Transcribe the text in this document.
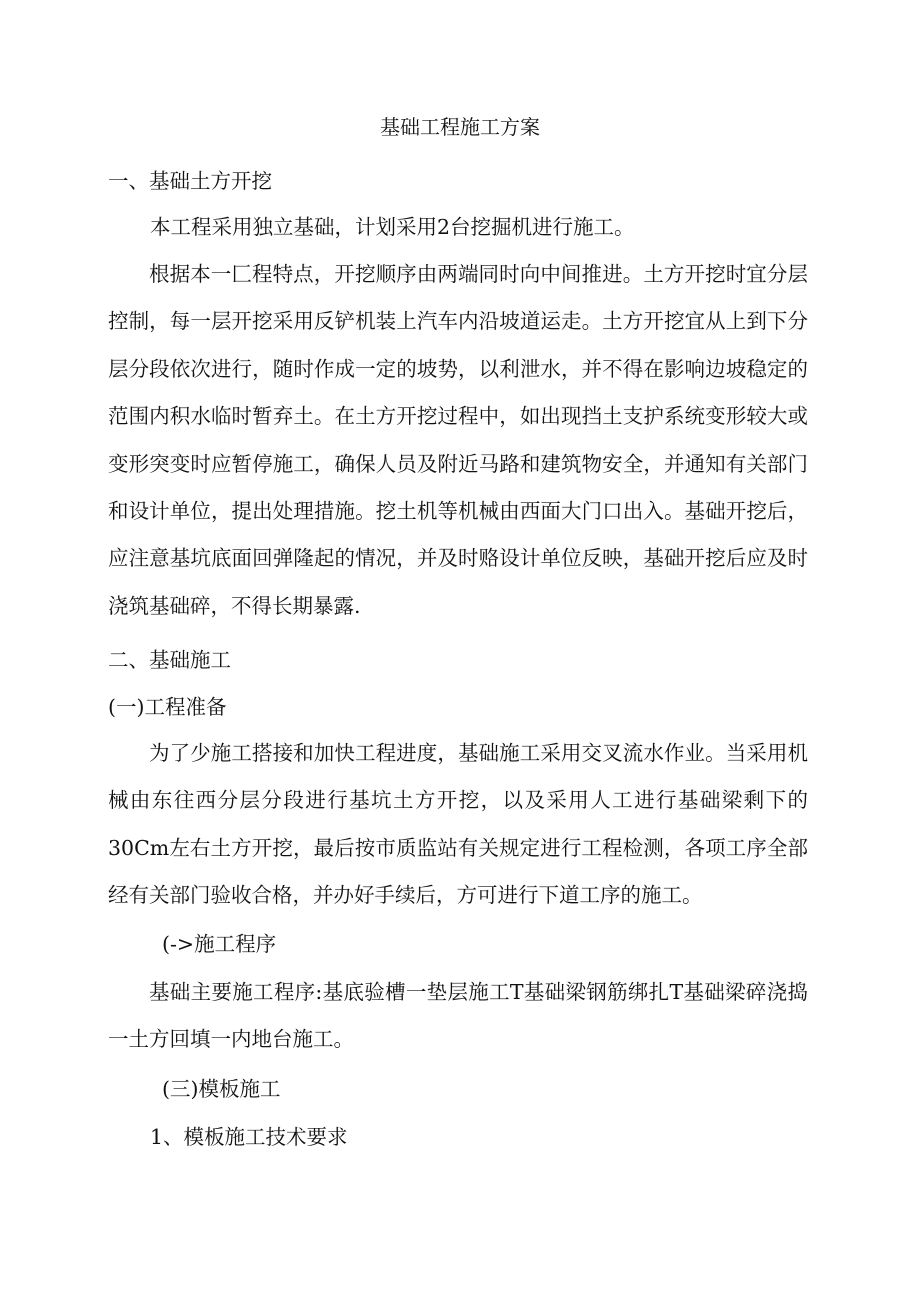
基础工程施工方案
一、基础土方开挖
本工程采用独立基础，计划采用2台挖掘机进行施工。
根据本一匚程特点，开挖顺序由两端同时向中间推进。土方开挖时宜分层控制，每一层开挖采用反铲机装上汽车内沿坡道运走。土方开挖宜从上到下分层分段依次进行，随时作成一定的坡势，以利泄水，并不得在影响边坡稳定的范围内积水临时暂弃土。在土方开挖过程中，如出现挡土支护系统变形较大或变形突变时应暂停施工，确保人员及附近马路和建筑物安全，并通知有关部门和设计单位，提出处理措施。挖土机等机械由西面大门口出入。基础开挖后，应注意基坑底面回弹隆起的情况，并及时赂设计单位反映，基础开挖后应及时浇筑基础碎，不得长期暴露.
二、基础施工
(一)工程准备
为了少施工搭接和加快工程进度，基础施工采用交叉流水作业。当采用机械由东往西分层分段进行基坑土方开挖，以及采用人工进行基础梁剩下的30Cm左右土方开挖，最后按市质监站有关规定进行工程检测，各项工序全部经有关部门验收合格，并办好手续后，方可进行下道工序的施工。
(->施工程序
基础主要施工程序:基底验槽一垫层施工T基础梁钢筋绑扎T基础梁碎浇捣一土方回填一内地台施工。
(三)模板施工
1、模板施工技术要求
